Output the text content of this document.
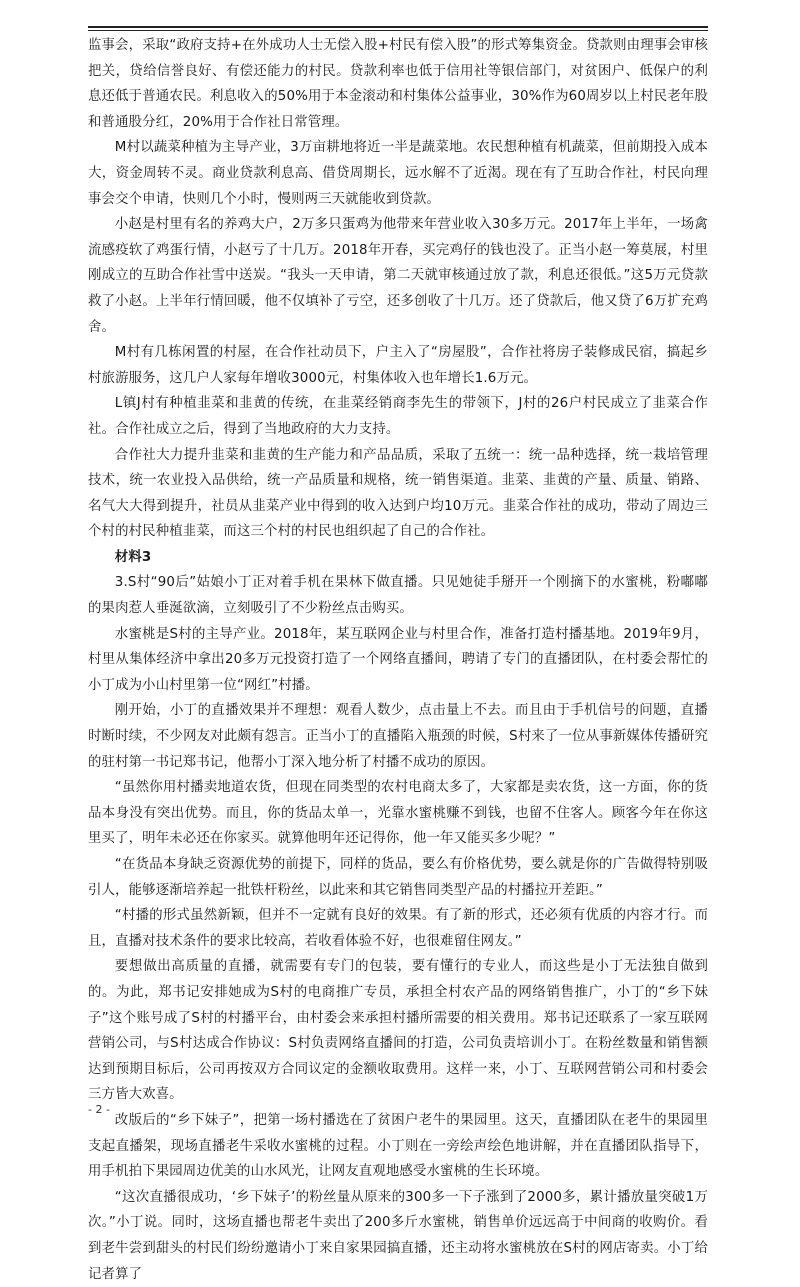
监事会，采取“政府支持+在外成功人士无偿入股+村民有偿入股”的形式筹集资金。贷款则由理事会审核把关，贷给信誉良好、有偿还能力的村民。贷款利率也低于信用社等银信部门，对贫困户、低保户的利息还低于普通农民。利息收入的50%用于本金滚动和村集体公益事业，30%作为60周岁以上村民老年股和普通股分红，20%用于合作社日常管理。

M村以蔬菜种植为主导产业，3万亩耕地将近一半是蔬菜地。农民想种植有机蔬菜，但前期投入成本大，资金周转不灵。商业贷款利息高、借贷周期长，远水解不了近渴。现在有了互助合作社，村民向理事会交个申请，快则几个小时，慢则两三天就能收到贷款。

小赵是村里有名的养鸡大户，2万多只蛋鸡为他带来年营业收入30多万元。2017年上半年，一场禽流感疫软了鸡蛋行情，小赵亏了十几万。2018年开春，买完鸡仔的钱也没了。正当小赵一筹莫展，村里刚成立的互助合作社雪中送炭。“我头一天申请，第二天就审核通过放了款，利息还很低。”这5万元贷款救了小赵。上半年行情回暖，他不仅填补了亏空，还多创收了十几万。还了贷款后，他又贷了6万扩充鸡舍。

M村有几栋闲置的村屋，在合作社动员下，户主入了“房屋股”，合作社将房子装修成民宿，搞起乡村旅游服务，这几户人家每年增收3000元，村集体收入也年增长1.6万元。

L镇J村有种植韭菜和韭黄的传统，在韭菜经销商李先生的带领下，J村的26户村民成立了韭菜合作社。合作社成立之后，得到了当地政府的大力支持。

合作社大力提升韭菜和韭黄的生产能力和产品品质，采取了五统一：统一品种选择，统一栽培管理技术，统一农业投入品供给，统一产品质量和规格，统一销售渠道。韭菜、韭黄的产量、质量、销路、名气大大得到提升，社员从韭菜产业中得到的收入达到户均10万元。韭菜合作社的成功，带动了周边三个村的村民种植韭菜，而这三个村的村民也组织起了自己的合作社。

材料3

3.S村“90后”姑娘小丁正对着手机在果林下做直播。只见她徒手掰开一个刚摘下的水蜜桃，粉嘟嘟的果肉惹人垂涎欲滴，立刻吸引了不少粉丝点击购买。

水蜜桃是S村的主导产业。2018年，某互联网企业与村里合作，准备打造村播基地。2019年9月，村里从集体经济中拿出20多万元投资打造了一个网络直播间，聘请了专门的直播团队，在村委会帮忙的小丁成为小山村里第一位“网红”村播。

刚开始，小丁的直播效果并不理想：观看人数少，点击量上不去。而且由于手机信号的问题，直播时断时续，不少网友对此颇有怨言。正当小丁的直播陷入瓶颈的时候，S村来了一位从事新媒体传播研究的驻村第一书记郑书记，他帮小丁深入地分析了村播不成功的原因。

“虽然你用村播卖地道农货，但现在同类型的农村电商太多了，大家都是卖农货，这一方面，你的货品本身没有突出优势。而且，你的货品太单一，光靠水蜜桃赚不到钱，也留不住客人。顾客今年在你这里买了，明年未必还在你家买。就算他明年还记得你，他一年又能买多少呢？”

“在货品本身缺乏资源优势的前提下，同样的货品，要么有价格优势，要么就是你的广告做得特别吸引人，能够逐渐培养起一批铁杆粉丝，以此来和其它销售同类型产品的村播拉开差距。”

“村播的形式虽然新颖，但并不一定就有良好的效果。有了新的形式，还必须有优质的内容才行。而且，直播对技术条件的要求比较高，若收看体验不好，也很难留住网友。”

要想做出高质量的直播，就需要有专门的包装，要有懂行的专业人，而这些是小丁无法独自做到的。为此，郑书记安排她成为S村的电商推广专员，承担全村农产品的网络销售推广，小丁的“乡下妹子”这个账号成了S村的村播平台，由村委会来承担村播所需要的相关费用。郑书记还联系了一家互联网营销公司，与S村达成合作协议：S村负责网络直播间的打造，公司负责培训小丁。在粉丝数量和销售额达到预期目标后，公司再按双方合同议定的金额收取费用。这样一来，小丁、互联网营销公司和村委会三方皆大欢喜。

改版后的“乡下妹子”，把第一场村播选在了贫困户老牛的果园里。这天，直播团队在老牛的果园里支起直播架，现场直播老牛采收水蜜桃的过程。小丁则在一旁绘声绘色地讲解，并在直播团队指导下，用手机拍下果园周边优美的山水风光，让网友直观地感受水蜜桃的生长环境。

“这次直播很成功，‘乡下妹子’的粉丝量从原来的300多一下子涨到了2000多，累计播放量突破1万次。”小丁说。同时，这场直播也帮老牛卖出了200多斤水蜜桃，销售单价远远高于中间商的收购价。看到老牛尝到甜头的村民们纷纷邀请小丁来自家果园搞直播，还主动将水蜜桃放在S村的网店寄卖。小丁给记者算了

- 2 -
